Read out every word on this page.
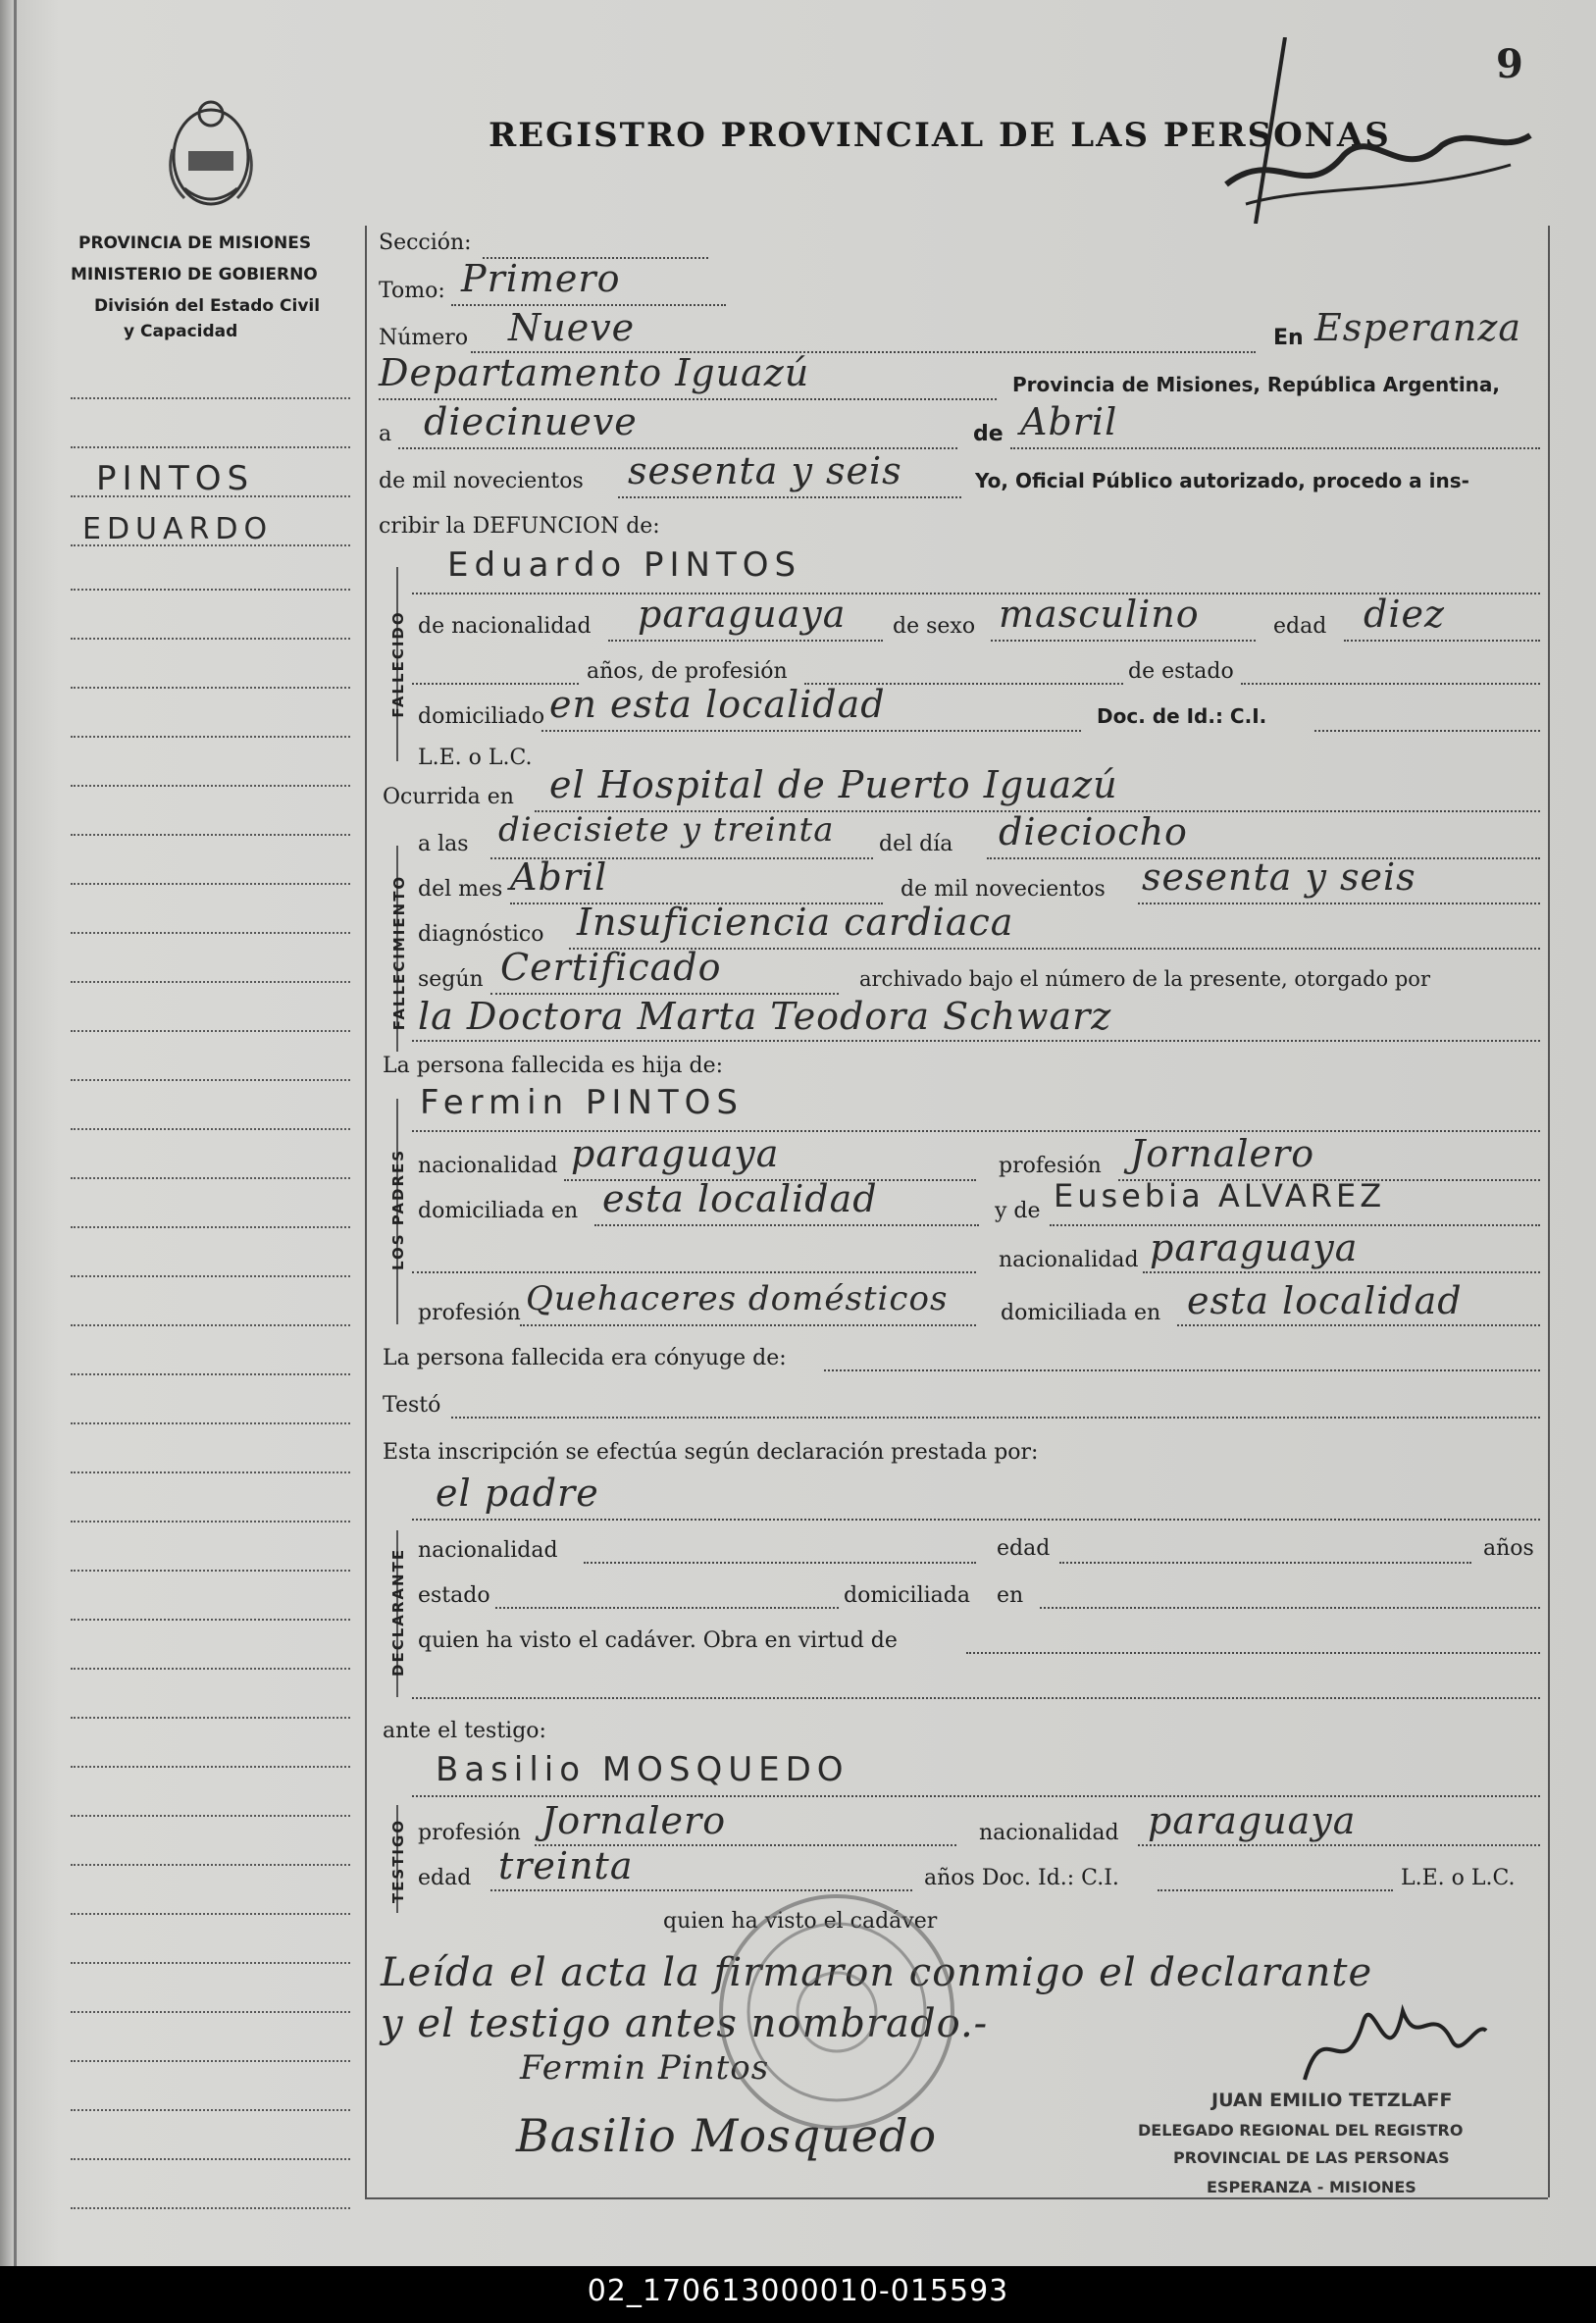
PROVINCIA DE MISIONES
MINISTERIO DE GOBIERNO
División del Estado Civil
y Capacidad
REGISTRO PROVINCIAL DE LAS PERSONAS
9
PINTOS
EDUARDO
Sección:
Tomo: Primero
Número Nueve	En Esperanza
Departamento Iguazú	Provincia de Misiones, República Argentina,
a diecinueve	de Abril
de mil novecientos sesenta y seis	Yo, Oficial Público autorizado, procedo a ins-
cribir la DEFUNCION de:
FALLECIDO
Eduardo PINTOS
de nacionalidad paraguaya de sexo masculino	edad diez
años, de profesión	de estado
domiciliado en esta localidad	Doc. de Id.: C.I.
L.E. o L.C.
Ocurrida en el Hospital de Puerto Iguazú
FALLECIMIENTO
a las diecisiete y treinta del día dieciocho
del mes Abril	de mil novecientos sesenta y seis
diagnóstico Insuficiencia cardiaca
según Certificado	archivado bajo el número de la presente, otorgado por
la Doctora Marta Teodora Schwarz
La persona fallecida es hija de:
LOS PADRES
Fermin PINTOS
nacionalidad paraguaya	profesión Jornalero
domiciliada en esta localidad	y de Eusebia ALVAREZ
nacionalidad paraguaya
profesión Quehaceres domésticos domiciliada en esta localidad
La persona fallecida era cónyuge de:
Testó
Esta inscripción se efectúa según declaración prestada por:
DECLARANTE
el padre
nacionalidad	edad	años
estado	domiciliada en
quien ha visto el cadáver. Obra en virtud de
ante el testigo:
Basilio MOSQUEDO
TESTIGO profesión Jornalero	nacionalidad paraguaya
edad treinta	años Doc. Id.: C.I.	L.E. o L.C.
quien ha visto el cadáver
Leída el acta la firmaron conmigo el declarante
y el testigo antes nombrado.-
Fermin Pintos
Basilio Mosquedo
JUAN EMILIO TETZLAFF
DELEGADO REGIONAL DEL REGISTRO
PROVINCIAL DE LAS PERSONAS
ESPERANZA - MISIONES
02_170613000010-015593
